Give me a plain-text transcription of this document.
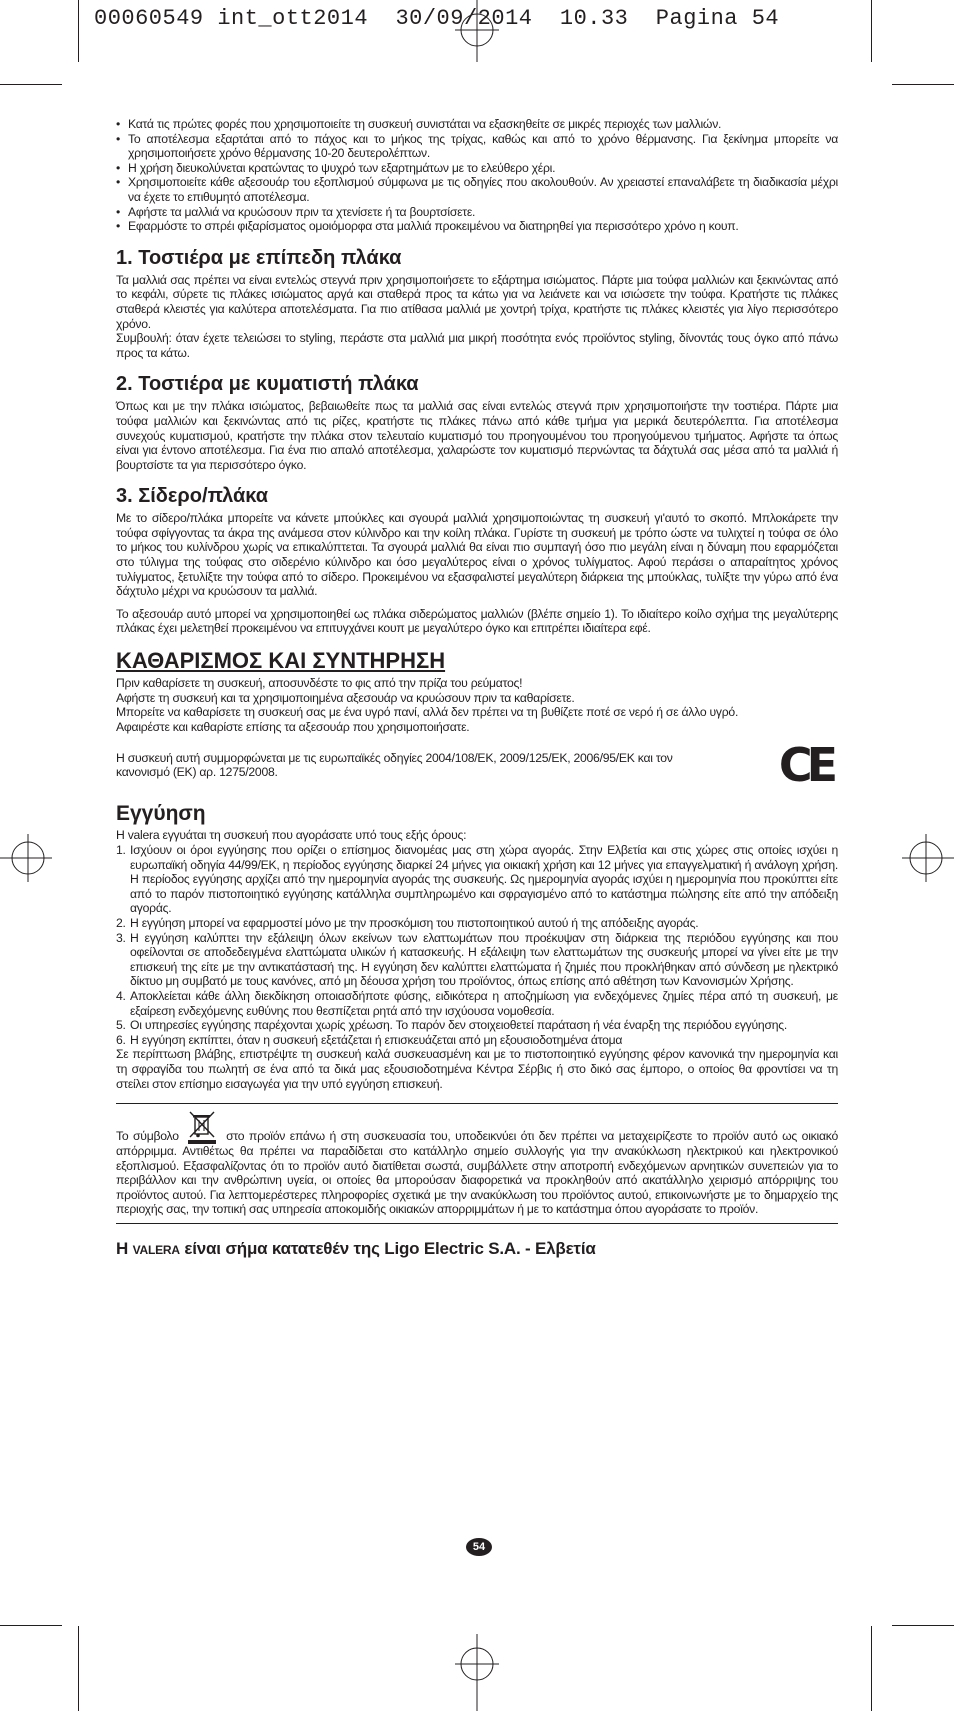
00060549 int_ott2014  30/09/2014  10.33  Pagina 54
• Κατά τις πρώτες φορές που χρησιμοποιείτε τη συσκευή συνιστάται να εξασκηθείτε σε μικρές περιοχές των μαλλιών.
• Το αποτέλεσμα εξαρτάται από το πάχος και το μήκος της τρίχας, καθώς και από το χρόνο θέρμανσης. Για ξεκίνημα μπορείτε να χρησιμοποιήσετε χρόνο θέρμανσης 10-20 δευτερολέπτων.
• Η χρήση διευκολύνεται κρατώντας το ψυχρό των εξαρτημάτων με το ελεύθερο χέρι.
• Χρησιμοποιείτε κάθε αξεσουάρ του εξοπλισμού σύμφωνα με τις οδηγίες που ακολουθούν. Αν χρειαστεί επαναλάβετε τη διαδικασία μέχρι να έχετε το επιθυμητό αποτέλεσμα.
• Αφήστε τα μαλλιά να κρυώσουν πριν τα χτενίσετε ή τα βουρτσίσετε.
• Εφαρμόστε το σπρέι φιξαρίσματος ομοιόμορφα στα μαλλιά προκειμένου να διατηρηθεί για περισσότερο χρόνο η κουπ.
1. Τοστιέρα με επίπεδη πλάκα

Τα μαλλιά σας πρέπει να είναι εντελώς στεγνά πριν χρησιμοποιήσετε το εξάρτημα ισιώματος. Πάρτε μια τούφα μαλλιών και ξεκινώντας από το κεφάλι, σύρετε τις πλάκες ισιώματος αργά και σταθερά προς τα κάτω για να λειάνετε και να ισιώσετε την τούφα. Κρατήστε τις πλάκες σταθερά κλειστές για καλύτερα αποτελέσματα. Για πιο ατίθασα μαλλιά με χοντρή τρίχα, κρατήστε τις πλάκες κλειστές για λίγο περισσότερο χρόνο.

Συμβουλή: όταν έχετε τελειώσει το styling, περάστε στα μαλλιά μια μικρή ποσότητα ενός προϊόντος styling, δίνοντάς τους όγκο από πάνω προς τα κάτω.

2. Τοστιέρα με κυματιστή πλάκα

Όπως και με την πλάκα ισιώματος, βεβαιωθείτε πως τα μαλλιά σας είναι εντελώς στεγνά πριν χρησιμοποιήστε την τοστιέρα. Πάρτε μια τούφα μαλλιών και ξεκινώντας από τις ρίζες, κρατήστε τις πλάκες πάνω από κάθε τμήμα για μερικά δευτερόλεπτα. Για αποτέλεσμα συνεχούς κυματισμού, κρατήστε την πλάκα στον τελευταίο κυματισμό του προηγουμένου του προηγούμενου τμήματος. Αφήστε τα όπως είναι για έντονο αποτέλεσμα. Για ένα πιο απαλό αποτέλεσμα, χαλαρώστε τον κυματισμό περνώντας τα δάχτυλά σας μέσα από τα μαλλιά ή βουρτσίστε τα για περισσότερο όγκο.

3. Σίδερο/πλάκα

Με το σίδερο/πλάκα μπορείτε να κάνετε μπούκλες και σγουρά μαλλιά χρησιμοποιώντας τη συσκευή γι'αυτό το σκοπό. Μπλοκάρετε την τούφα σφίγγοντας τα άκρα της ανάμεσα στον κύλινδρο και την κοίλη πλάκα. Γυρίστε τη συσκευή με τρόπο ώστε να τυλιχτεί η τούφα σε όλο το μήκος του κυλίνδρου χωρίς να επικαλύπτεται. Τα σγουρά μαλλιά θα είναι πιο συμπαγή όσο πιο μεγάλη είναι η δύναμη που εφαρμόζεται στο τύλιγμα της τούφας στο σιδερένιο κύλινδρο και όσο μεγαλύτερος είναι ο χρόνος τυλίγματος. Αφού περάσει ο απαραίτητος χρόνος τυλίγματος, ξετυλίξτε την τούφα από το σίδερο. Προκειμένου να εξασφαλιστεί μεγαλύτερη διάρκεια της μπούκλας, τυλίξτε την γύρω από ένα δάχτυλο μέχρι να κρυώσουν τα μαλλιά.

Το αξεσουάρ αυτό μπορεί να χρησιμοποιηθεί ως πλάκα σιδερώματος μαλλιών (βλέπε σημείο 1). Το ιδιαίτερο κοίλο σχήμα της μεγαλύτερης πλάκας έχει μελετηθεί προκειμένου να επιτυγχάνει κουπ με μεγαλύτερο όγκο και επιτρέπει ιδιαίτερα εφέ.

ΚΑΘΑΡΙΣΜΟΣ ΚΑΙ ΣΥΝΤΗΡΗΣΗ

Πριν καθαρίσετε τη συσκευή, αποσυνδέστε το φις από την πρίζα του ρεύματος!

Αφήστε τη συσκευή και τα χρησιμοποιημένα αξεσουάρ να κρυώσουν πριν τα καθαρίσετε.

Μπορείτε να καθαρίσετε τη συσκευή σας με ένα υγρό πανί, αλλά δεν πρέπει να τη βυθίζετε ποτέ σε νερό ή σε άλλο υγρό.

Αφαιρέστε και καθαρίστε επίσης τα αξεσουάρ που χρησιμοποιήσατε.

Η συσκευή αυτή συμμορφώνεται με τις ευρωπαϊκές οδηγίες 2004/108/ΕΚ, 2009/125/ΕΚ, 2006/95/ΕΚ και τον κανονισμό (ΕΚ) αρ. 1275/2008.	CE
Εγγύηση

Η valera εγγυάται τη συσκευή που αγοράσατε υπό τους εξής όρους:

1. Ισχύουν οι όροι εγγύησης που ορίζει ο επίσημος διανομέας μας στη χώρα αγοράς. Στην Ελβετία και στις χώρες στις οποίες ισχύει η ευρωπαϊκή οδηγία 44/99/ΕΚ, η περίοδος εγγύησης διαρκεί 24 μήνες για οικιακή χρήση και 12 μήνες για επαγγελματική ή ανάλογη χρήση. Η περίοδος εγγύησης αρχίζει από την ημερομηνία αγοράς της συσκευής. Ως ημερομηνία αγοράς ισχύει η ημερομηνία που προκύπτει είτε από το παρόν πιστοποιητικό εγγύησης κατάλληλα συμπληρωμένο και σφραγισμένο από το κατάστημα πώλησης είτε από την απόδειξη αγοράς.
2. Η εγγύηση μπορεί να εφαρμοστεί μόνο με την προσκόμιση του πιστοποιητικού αυτού ή της απόδειξης αγοράς.
3. Η εγγύηση καλύπτει την εξάλειψη όλων εκείνων των ελαττωμάτων που προέκυψαν στη διάρκεια της περιόδου εγγύησης και που οφείλονται σε αποδεδειγμένα ελαττώματα υλικών ή κατασκευής. Η εξάλειψη των ελαττωμάτων της συσκευής μπορεί να γίνει είτε με την επισκευή της είτε με την αντικατάστασή της. Η εγγύηση δεν καλύπτει ελαττώματα ή ζημιές που προκλήθηκαν από σύνδεση με ηλεκτρικό δίκτυο μη συμβατό με τους κανόνες, από μη δέουσα χρήση του προϊόντος, όπως επίσης από αθέτηση των Κανονισμών Χρήσης.
4. Αποκλείεται κάθε άλλη διεκδίκηση οποιασδήποτε φύσης, ειδικότερα η αποζημίωση για ενδεχόμενες ζημίες πέρα από τη συσκευή, με εξαίρεση ενδεχόμενης ευθύνης που θεσπίζεται ρητά από την ισχύουσα νομοθεσία.
5. Οι υπηρεσίες εγγύησης παρέχονται χωρίς χρέωση. Το παρόν δεν στοιχειοθετεί παράταση ή νέα έναρξη της περιόδου εγγύησης.
6. Η εγγύηση εκπίπτει, όταν η συσκευή εξετάζεται ή επισκευάζεται από μη εξουσιοδοτημένα άτομα

Σε περίπτωση βλάβης, επιστρέψτε τη συσκευή καλά συσκευασμένη και με το πιστοποιητικό εγγύησης φέρον κανονικά την ημερομηνία και τη σφραγίδα του πωλητή σε ένα από τα δικά μας εξουσιοδοτημένα Κέντρα Σέρβις ή στο δικό σας έμπορο, ο οποίος θα φροντίσει να τη στείλει στον επίσημο εισαγωγέα για την υπό εγγύηση επισκευή.

Το σύμβολο	στο προϊόν επάνω ή στη συσκευασία του, υποδεικνύει ότι δεν πρέπει να μεταχειρίζεστε το προϊόν αυτό ως οικιακό απόρριμμα. Αντιθέτως θα πρέπει να παραδίδεται στο κατάλληλο σημείο συλλογής για την ανακύκλωση ηλεκτρικού και ηλεκτρονικού εξοπλισμού. Εξασφαλίζοντας ότι το προϊόν αυτό διατίθεται σωστά, συμβάλλετε στην αποτροπή ενδεχόμενων αρνητικών συνεπειών για το περιβάλλον και την ανθρώπινη υγεία, οι οποίες θα μπορούσαν διαφορετικά να προκληθούν από ακατάλληλο χειρισμό απόρριψης του προϊόντος αυτού. Για λεπτομερέστερες πληροφορίες σχετικά με την ανακύκλωση του προϊόντος αυτού, επικοινωνήστε με το δημαρχείο της περιοχής σας, την τοπική σας υπηρεσία αποκομιδής οικιακών απορριμμάτων ή με το κατάστημα όπου αγοράσατε το προϊόν.

Η VALERA είναι σήμα κατατεθέν της Ligo Electric S.A. - Ελβετία
54
